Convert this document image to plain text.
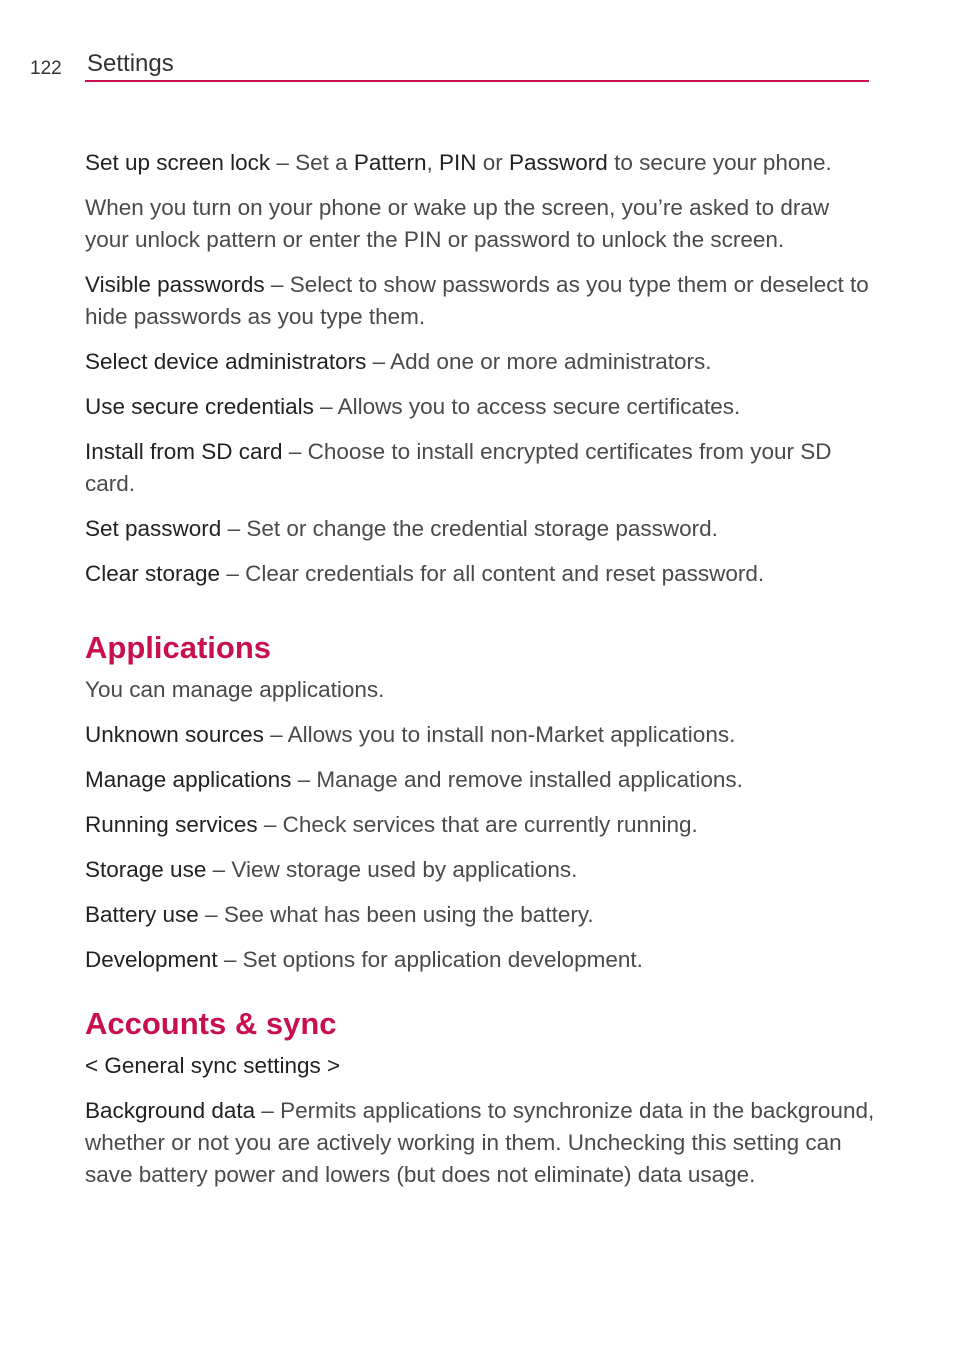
122 Settings

Set up screen lock – Set a Pattern, PIN or Password to secure your phone.

When you turn on your phone or wake up the screen, you’re asked to draw your unlock pattern or enter the PIN or password to unlock the screen.

Visible passwords – Select to show passwords as you type them or deselect to hide passwords as you type them.

Select device administrators – Add one or more administrators.

Use secure credentials – Allows you to access secure certificates.

Install from SD card – Choose to install encrypted certificates from your SD card.

Set password – Set or change the credential storage password.

Clear storage – Clear credentials for all content and reset password.

Applications

You can manage applications.

Unknown sources – Allows you to install non-Market applications.

Manage applications – Manage and remove installed applications.

Running services – Check services that are currently running.

Storage use – View storage used by applications.

Battery use – See what has been using the battery.

Development – Set options for application development.

Accounts & sync

< General sync settings >

Background data – Permits applications to synchronize data in the background, whether or not you are actively working in them. Unchecking this setting can save battery power and lowers (but does not eliminate) data usage.
